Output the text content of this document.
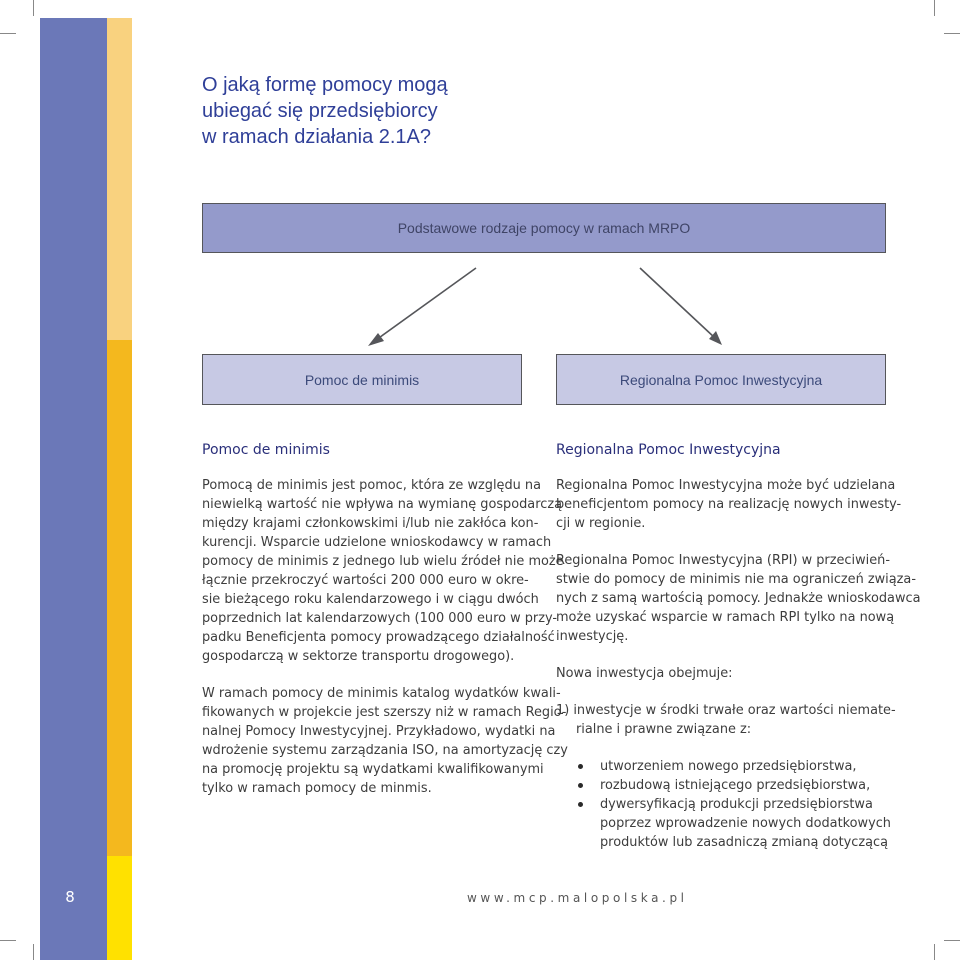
8
O jaką formę pomocy mogą
ubiegać się przedsiębiorcy
w ramach działania 2.1A?
Podstawowe rodzaje pomocy w ramach MRPO
Pomoc de minimis	Regionalna Pomoc Inwestycyjna
Pomoc de minimis

Pomocą de minimis jest pomoc, która ze względu na
niewielką wartość nie wpływa na wymianę gospodarczą
między krajami członkowskimi i/lub nie zakłóca kon-
kurencji. Wsparcie udzielone wnioskodawcy w ramach
pomocy de minimis z jednego lub wielu źródeł nie może
łącznie przekroczyć wartości 200 000 euro w okre-
sie bieżącego roku kalendarzowego i w ciągu dwóch
poprzednich lat kalendarzowych (100 000 euro w przy-
padku Beneficjenta pomocy prowadzącego działalność
gospodarczą w sektorze transportu drogowego).

W ramach pomocy de minimis katalog wydatków kwali-
fikowanych w projekcie jest szerszy niż w ramach Regio-
nalnej Pomocy Inwestycyjnej. Przykładowo, wydatki na
wdrożenie systemu zarządzania ISO, na amortyzację czy
na promocję projektu są wydatkami kwalifikowanymi
tylko w ramach pomocy de minmis.

Regionalna Pomoc Inwestycyjna

Regionalna Pomoc Inwestycyjna może być udzielana
beneficjentom pomocy na realizację nowych inwesty-
cji w regionie.

Regionalna Pomoc Inwestycyjna (RPI) w przeciwień-
stwie do pomocy de minimis nie ma ograniczeń związa-
nych z samą wartością pomocy. Jednakże wnioskodawca
może uzyskać wsparcie w ramach RPI tylko na nową
inwestycję.

Nowa inwestycja obejmuje:

1) inwestycje w środki trwałe oraz wartości niemate-
rialne i prawne związane z:

utworzeniem nowego przedsiębiorstwa,
rozbudową istniejącego przedsiębiorstwa,
dywersyfikacją produkcji przedsiębiorstwa
poprzez wprowadzenie nowych dodatkowych
produktów lub zasadniczą zmianą dotyczącą
www.mcp.malopolska.pl
